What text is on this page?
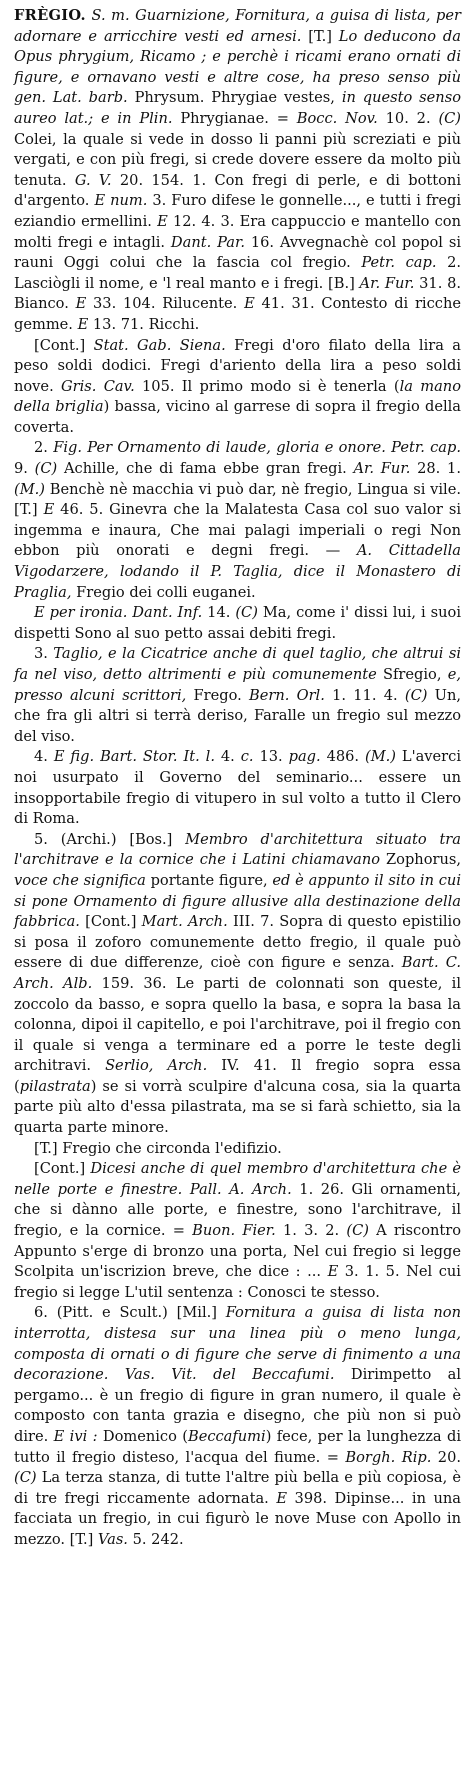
FRÈGIO. S. m. Guarnizione, Fornitura, a guisa di lista, per adornare e arricchire vesti ed arnesi. [T.] Lo deducono da Opus phrygium, Ricamo ; e perchè i ricami erano ornati di figure, e ornavano vesti e altre cose, ha preso senso più gen. Lat. barb. Phrysum. Phrygiae vestes, in questo senso aureo lat.; e in Plin. Phrygianae. = Bocc. Nov. 10. 2. (C) Colei, la quale si vede in dosso li panni più screziati e più vergati, e con più fregi, si crede dovere essere da molto più tenuta. G. V. 20. 154. 1. Con fregi di perle, e di bottoni d'argento. E num. 3. Furo difese le gonnelle..., e tutti i fregi eziandio ermellini. E 12. 4. 3. Era cappuccio e mantello con molti fregi e intagli. Dant. Par. 16. Avvegnachè col popol si rauni Oggi colui che la fascia col fregio. Petr. cap. 2. Lasciògli il nome, e 'l real manto e i fregi. [B.] Ar. Fur. 31. 8. Bianco. E 33. 104. Rilucente. E 41. 31. Contesto di ricche gemme. E 13. 71. Ricchi.

[Cont.] Stat. Gab. Siena. Fregi d'oro filato della lira a peso soldi dodici. Fregi d'ariento della lira a peso soldi nove. Gris. Cav. 105. Il primo modo si è tenerla (la mano della briglia) bassa, vicino al garrese di sopra il fregio della coverta.

2. Fig. Per Ornamento di laude, gloria e onore. Petr. cap. 9. (C) Achille, che di fama ebbe gran fregi. Ar. Fur. 28. 1. (M.) Benchè nè macchia vi può dar, nè fregio, Lingua si vile. [T.] E 46. 5. Ginevra che la Malatesta Casa col suo valor si ingemma e inaura, Che mai palagi imperiali o regi Non ebbon più onorati e degni fregi. — A. Cittadella Vigodarzere, lodando il P. Taglia, dice il Monastero di Praglia, Fregio dei colli euganei.

E per ironia. Dant. Inf. 14. (C) Ma, come i' dissi lui, i suoi dispetti Sono al suo petto assai debiti fregi.

3. Taglio, e la Cicatrice anche di quel taglio, che altrui si fa nel viso, detto altrimenti e più comunemente Sfregio, e, presso alcuni scrittori, Frego. Bern. Orl. 1. 11. 4. (C) Un, che fra gli altri si terrà deriso, Faralle un fregio sul mezzo del viso.

4. E fig. Bart. Stor. It. l. 4. c. 13. pag. 486. (M.) L'averci noi usurpato il Governo del seminario... essere un insopportabile fregio di vitupero in sul volto a tutto il Clero di Roma.

5. (Archi.) [Bos.] Membro d'architettura situato tra l'architrave e la cornice che i Latini chiamavano Zophorus, voce che significa portante figure, ed è appunto il sito in cui si pone Ornamento di figure allusive alla destinazione della fabbrica. [Cont.] Mart. Arch. III. 7. Sopra di questo epistilio si posa il zoforo comunemente detto fregio, il quale può essere di due differenze, cioè con figure e senza. Bart. C. Arch. Alb. 159. 36. Le parti de colonnati son queste, il zoccolo da basso, e sopra quello la basa, e sopra la basa la colonna, dipoi il capitello, e poi l'architrave, poi il fregio con il quale si venga a terminare ed a porre le teste degli architravi. Serlio, Arch. IV. 41. Il fregio sopra essa (pilastrata) se si vorrà sculpire d'alcuna cosa, sia la quarta parte più alto d'essa pilastrata, ma se si farà schietto, sia la quarta parte minore.

[T.] Fregio che circonda l'edifizio.

[Cont.] Dicesi anche di quel membro d'architettura che è nelle porte e finestre. Pall. A. Arch. 1. 26. Gli ornamenti, che si dànno alle porte, e finestre, sono l'architrave, il fregio, e la cornice. = Buon. Fier. 1. 3. 2. (C) A riscontro Appunto s'erge di bronzo una porta, Nel cui fregio si legge Scolpita un'iscrizion breve, che dice : ... E 3. 1. 5. Nel cui fregio si legge L'util sentenza : Conosci te stesso.

6. (Pitt. e Scult.) [Mil.] Fornitura a guisa di lista non interrotta, distesa sur una linea più o meno lunga, composta di ornati o di figure che serve di finimento a una decorazione. Vas. Vit. del Beccafumi. Dirimpetto al pergamo... è un fregio di figure in gran numero, il quale è composto con tanta grazia e disegno, che più non si può dire. E ivi : Domenico (Beccafumi) fece, per la lunghezza di tutto il fregio disteso, l'acqua del fiume. = Borgh. Rip. 20. (C) La terza stanza, di tutte l'altre più bella e più copiosa, è di tre fregi riccamente adornata. E 398. Dipinse... in una facciata un fregio, in cui figurò le nove Muse con Apollo in mezzo. [T.] Vas. 5. 242.
